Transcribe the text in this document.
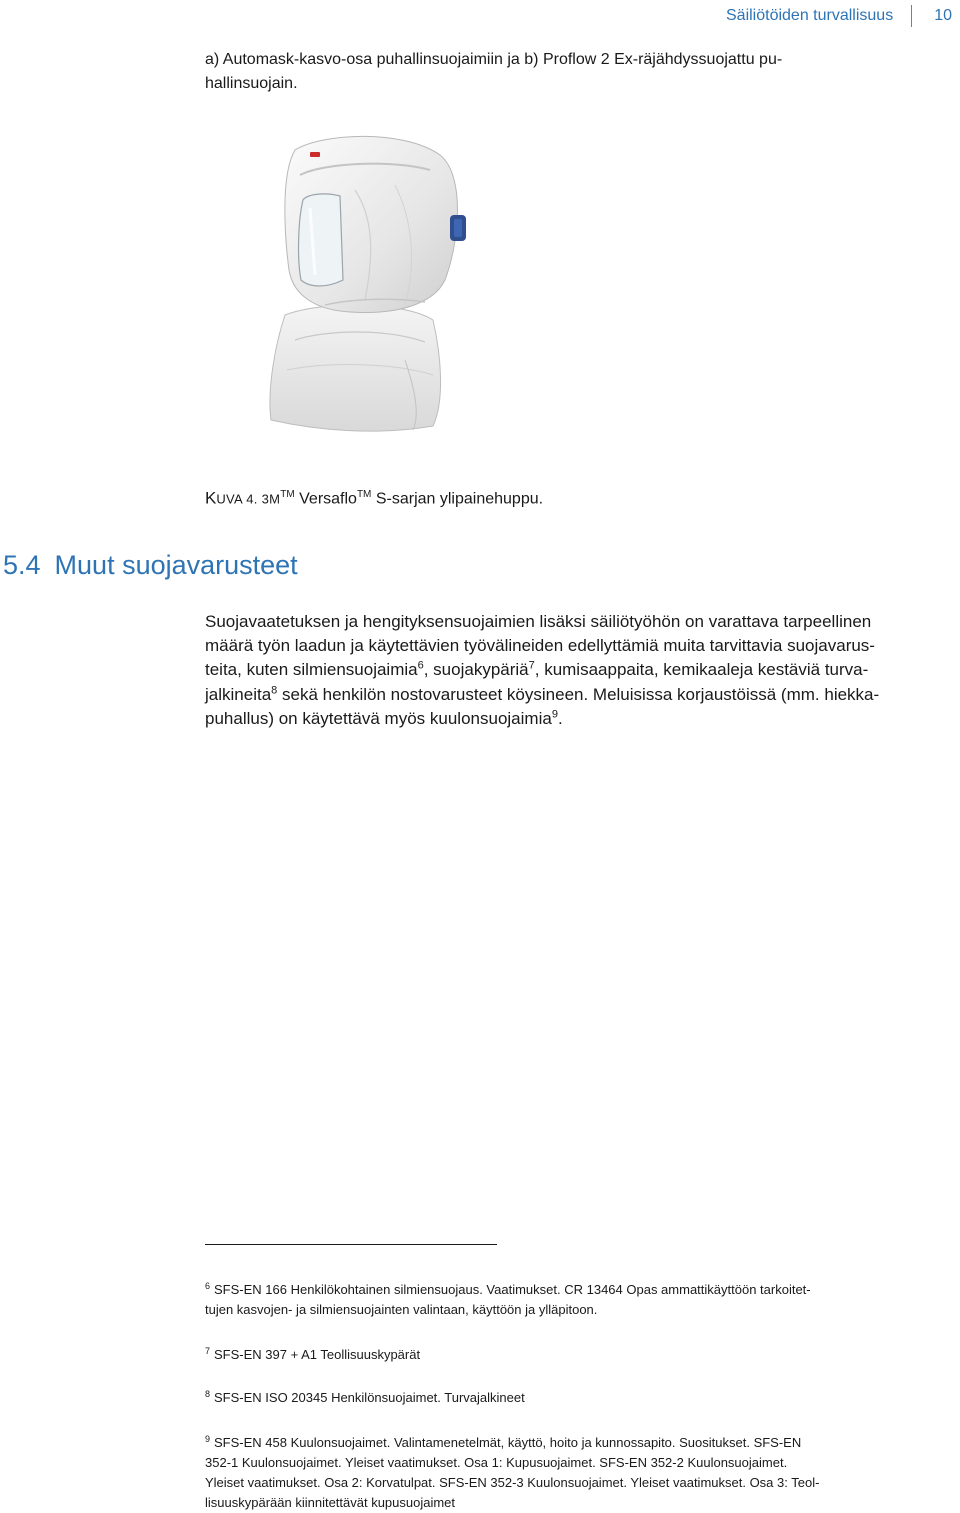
Säiliötöiden turvallisuus	10

a) Automask-kasvo-osa puhallinsuojaimiin ja b) Proflow 2 Ex-räjähdyssuojattu pu-
hallinsuojain.

KUVA 4. 3M™ Versaflo™ S-sarjan ylipainehuppu.

5.4 Muut suojavarusteet

Suojavaatetuksen ja hengityksensuojaimien lisäksi säiliötyöhön on varattava tarpeellinen
määrä työn laadun ja käytettävien työvälineiden edellyttämiä muita tarvittavia suojavarus-
teita, kuten silmiensuojaimia$^6$, suojakypäriä$^7$, kumisaappaita, kemikaaleja kestäviä turva-
jalkineita$^8$ sekä henkilön nostovarusteet köysineen. Meluisissa korjaustöissä (mm. hiekka-
puhallus) on käytettävä myös kuulonsuojaimia$^9$.

$^6$ SFS-EN 166 Henkilökohtainen silmiensuojaus. Vaatimukset. CR 13464 Opas ammattikäyttöön tarkoitet-
tujen kasvojen- ja silmiensuojainten valintaan, käyttöön ja ylläpitoon.

$^7$ SFS-EN 397 + A1 Teollisuuskypärät

$^8$ SFS-EN ISO 20345 Henkilönsuojaimet. Turvajalkineet

$^9$ SFS-EN 458 Kuulonsuojaimet. Valintamenetelmät, käyttö, hoito ja kunnossapito. Suositukset. SFS-EN
352-1 Kuulonsuojaimet. Yleiset vaatimukset. Osa 1: Kupusuojaimet. SFS-EN 352-2 Kuulonsuojaimet.
Yleiset vaatimukset. Osa 2: Korvatulpat. SFS-EN 352-3 Kuulonsuojaimet. Yleiset vaatimukset. Osa 3: Teol-
lisuuskypärään kiinnitettävät kupusuojaimet
